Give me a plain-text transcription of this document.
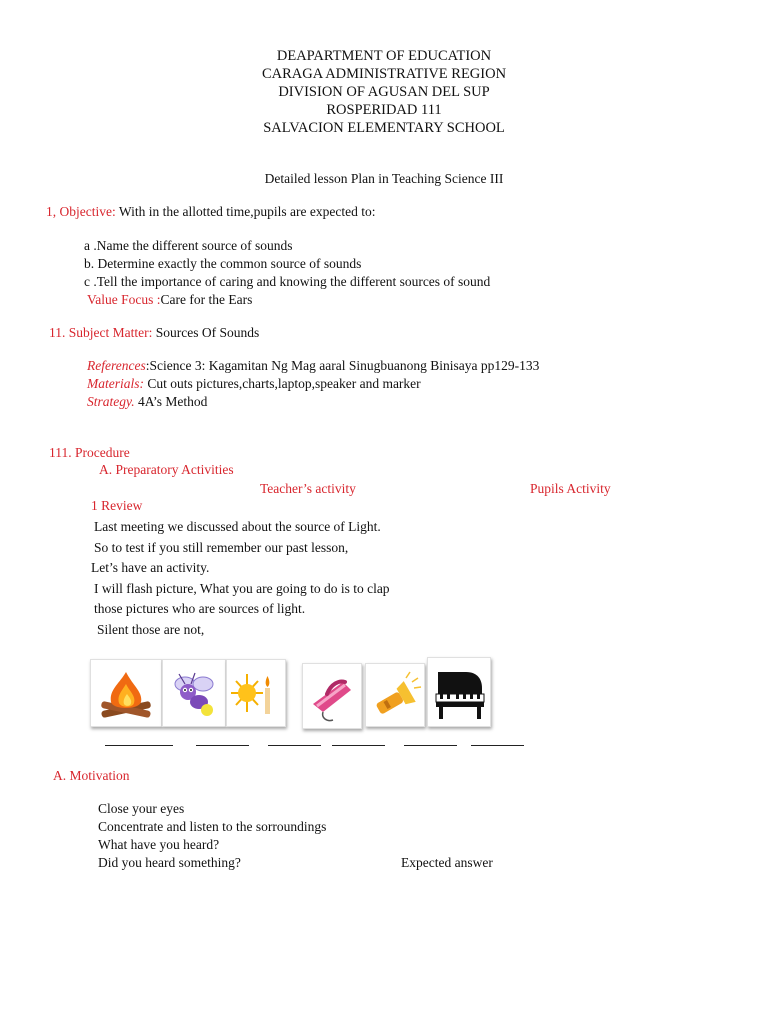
DEAPARTMENT OF EDUCATION
CARAGA ADMINISTRATIVE REGION
DIVISION OF AGUSAN DEL SUP
ROSPERIDAD 111
SALVACION ELEMENTARY SCHOOL
Detailed lesson Plan in Teaching Science III
1, Objective: With in the allotted time,pupils are expected to:
a .Name the different source of sounds
b. Determine exactly the common source of sounds
c .Tell the importance of caring and knowing the different sources of sound
Value Focus :Care for the Ears
11. Subject Matter: Sources Of Sounds
References:Science 3: Kagamitan Ng Mag aaral Sinugbuanong Binisaya pp129-133
Materials: Cut outs pictures,charts,laptop,speaker and marker
Strategy. 4A’s Method
111. Procedure
A. Preparatory Activities
Teacher’s activity	Pupils Activity
1 Review
Last meeting we discussed about the source of Light.
So to test if you still remember our past lesson,
Let’s have an activity.
I will flash picture, What you are going to do is to clap
those pictures who are sources of light.
Silent those are not,
A. Motivation
Close your eyes
Concentrate and listen to the sorroundings
What have you heard?
Did you heard something?	Expected answer
